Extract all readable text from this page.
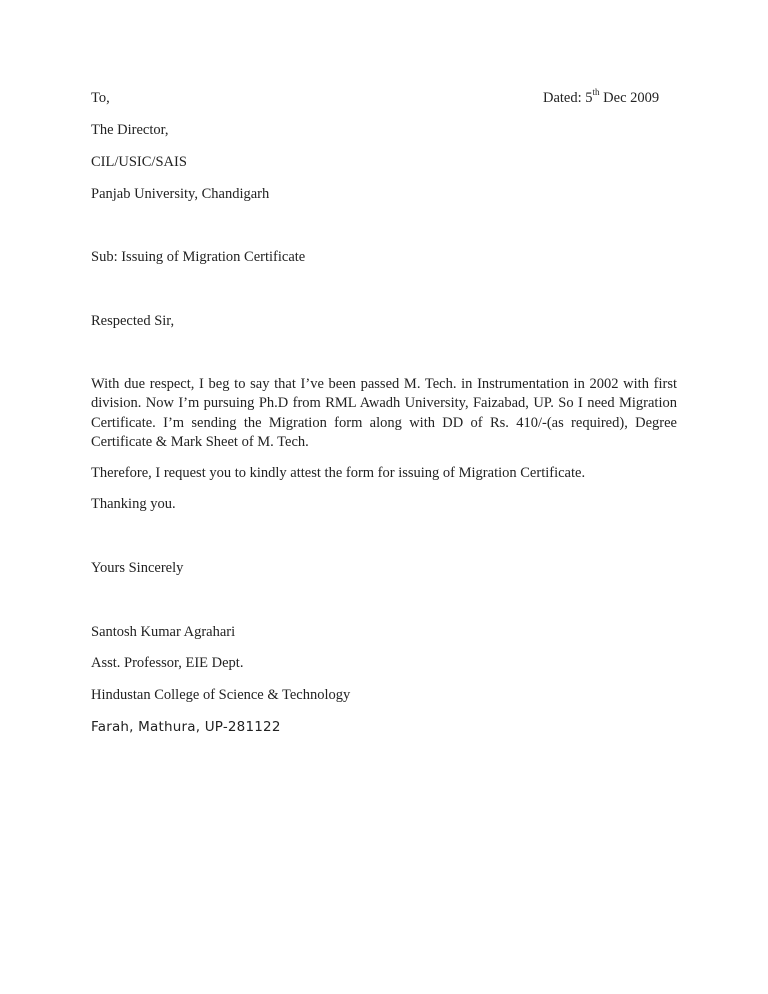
To,	Dated: 5th Dec 2009
The Director,
CIL/USIC/SAIS
Panjab University, Chandigarh
Sub: Issuing of Migration Certificate
Respected Sir,
With due respect, I beg to say that I’ve been passed M. Tech. in Instrumentation in 2002 with first division. Now I’m pursuing Ph.D from RML Awadh University, Faizabad, UP. So I need Migration Certificate. I’m sending the Migration form along with DD of Rs. 410/-(as required), Degree Certificate & Mark Sheet of M. Tech.
Therefore, I request you to kindly attest the form for issuing of Migration Certificate.
Thanking you.
Yours Sincerely
Santosh Kumar Agrahari
Asst. Professor, EIE Dept.
Hindustan College of Science & Technology
Farah, Mathura, UP-281122
